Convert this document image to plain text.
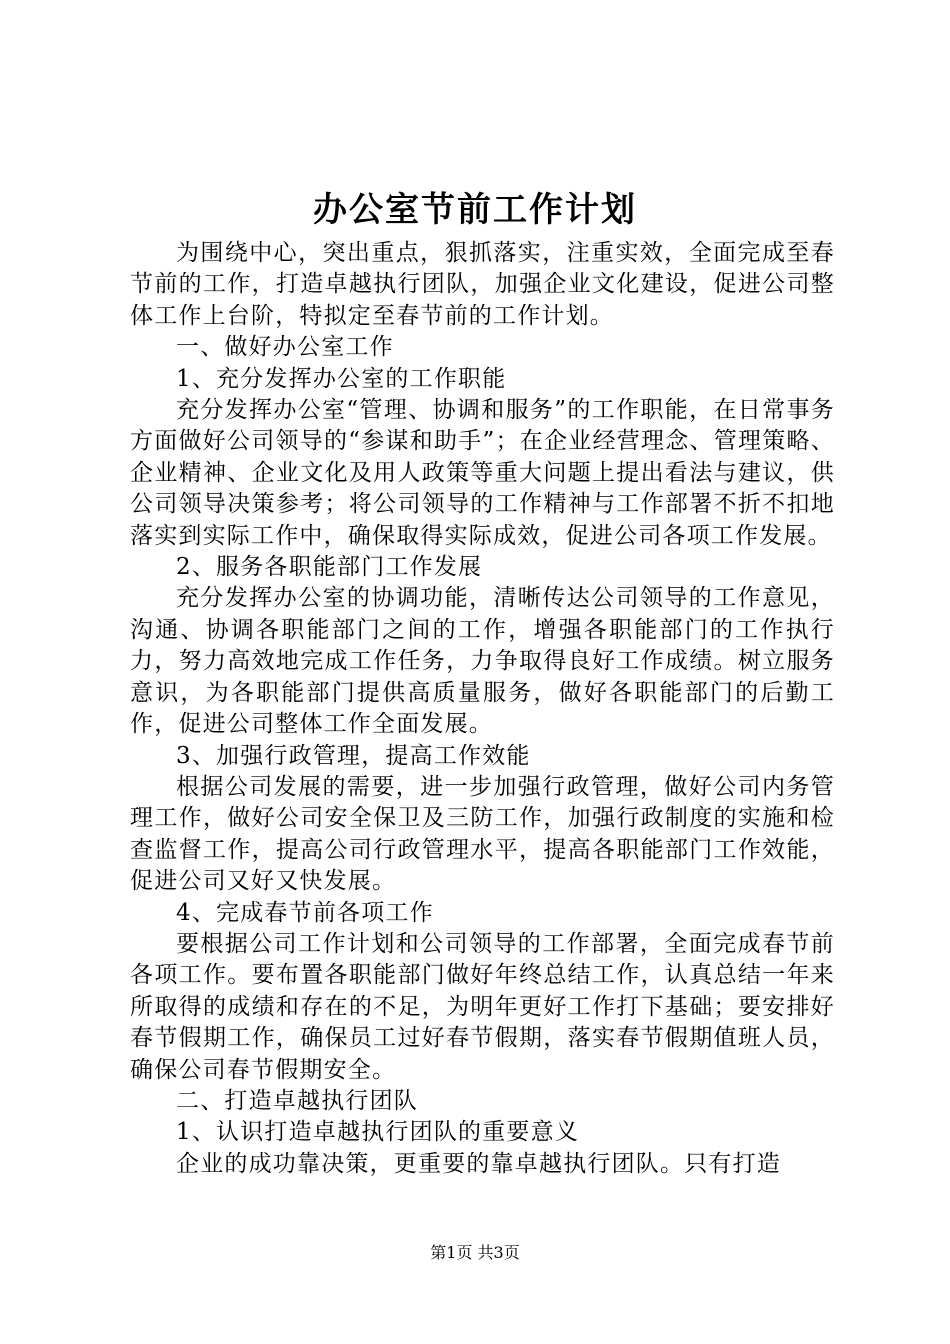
办公室节前工作计划

为围绕中心，突出重点，狠抓落实，注重实效，全面完成至春节前的工作，打造卓越执行团队，加强企业文化建设，促进公司整体工作上台阶，特拟定至春节前的工作计划。

一、做好办公室工作

1、充分发挥办公室的工作职能

充分发挥办公室“管理、协调和服务”的工作职能，在日常事务方面做好公司领导的“参谋和助手”；在企业经营理念、管理策略、企业精神、企业文化及用人政策等重大问题上提出看法与建议，供公司领导决策参考；将公司领导的工作精神与工作部署不折不扣地落实到实际工作中，确保取得实际成效，促进公司各项工作发展。

2、服务各职能部门工作发展

充分发挥办公室的协调功能，清晰传达公司领导的工作意见，沟通、协调各职能部门之间的工作，增强各职能部门的工作执行力，努力高效地完成工作任务，力争取得良好工作成绩。树立服务意识，为各职能部门提供高质量服务，做好各职能部门的后勤工作，促进公司整体工作全面发展。

3、加强行政管理，提高工作效能

根据公司发展的需要，进一步加强行政管理，做好公司内务管理工作，做好公司安全保卫及三防工作，加强行政制度的实施和检查监督工作，提高公司行政管理水平，提高各职能部门工作效能，促进公司又好又快发展。

4、完成春节前各项工作

要根据公司工作计划和公司领导的工作部署，全面完成春节前各项工作。要布置各职能部门做好年终总结工作，认真总结一年来所取得的成绩和存在的不足，为明年更好工作打下基础；要安排好春节假期工作，确保员工过好春节假期，落实春节假期值班人员，确保公司春节假期安全。

二、打造卓越执行团队

1、认识打造卓越执行团队的重要意义

企业的成功靠决策，更重要的靠卓越执行团队。只有打造

第1页 共3页
